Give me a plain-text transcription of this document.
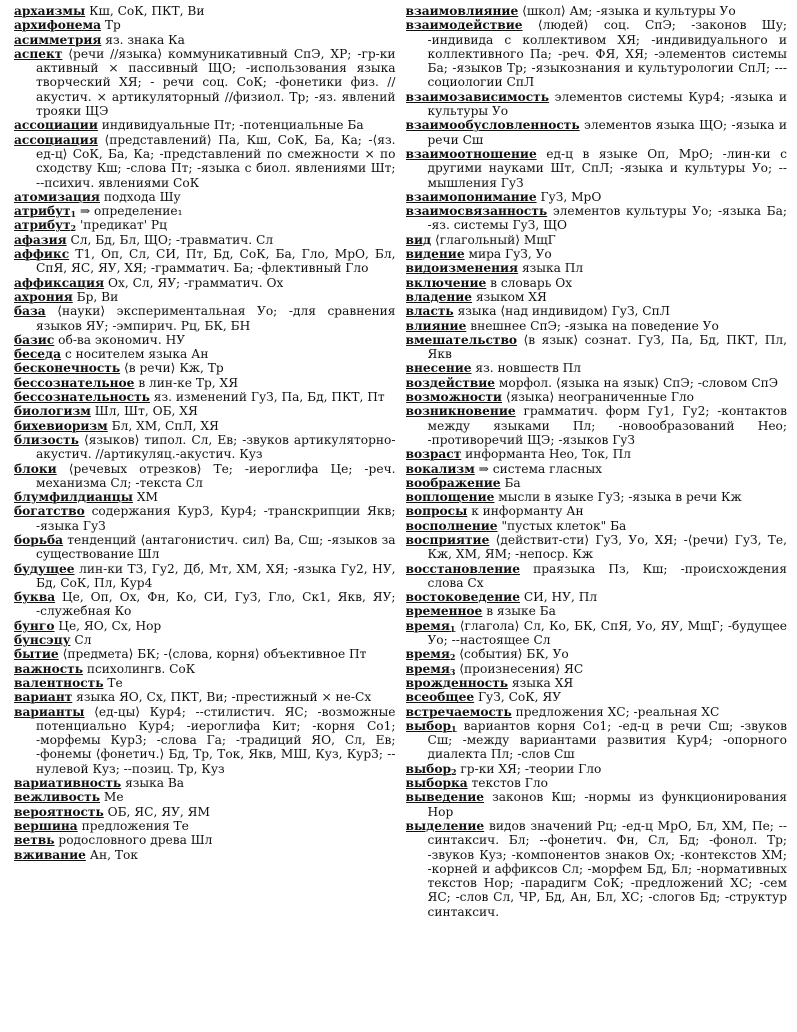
архаизмы Кш, СоК, ПКТ, Ви

архифонема Тр

асимметрия яз. знака Ка

аспект ⟨речи //языка⟩ коммуникативный СпЭ, ХР; -гр-ки активный × пассивный ЩО; -использования языка творческий ХЯ; - речи соц. СоК; -фонетики физ. //акустич. × артикуляторный //физиол. Тр; -яз. явлений трояки ЩЭ

ассоциации индивидуальные Пт; -потенциальные Ба

ассоциация ⟨представлений⟩ Па, Кш, СоК, Ба, Ка; -⟨яз. ед-ц⟩ СоК, Ба, Ка; -представлений по смежности × по сходству Кш; -слова Пт; -языка с биол. явлениями Шт; --психич. явлениями СоК

атомизация подхода Шу

атрибут$_1$ ⇒ определение₁

атрибут$_2$ 'предикат' Рц

афазия Сл, Бд, Бл, ЩО; -травматич. Сл

аффикс Т1, Оп, Сл, СИ, Пт, Бд, СоК, Ба, Гло, МрО, Бл, СпЯ, ЯС, ЯУ, ХЯ; -грамматич. Ба; -флективный Гло

аффиксация Ох, Сл, ЯУ; -грамматич. Ох

ахрония Бр, Ви

база ⟨науки⟩ экспериментальная Уо; -для сравнения языков ЯУ; -эмпирич. Рц, БК, БН

базис об-ва экономич. НУ

беседа с носителем языка Ан

бесконечность ⟨в речи⟩ Кж, Тр

бессознательное в лин-ке Тр, ХЯ

бессознательность яз. изменений ГуЗ, Па, Бд, ПКТ, Пт

биологизм Шл, Шт, ОБ, ХЯ

бихевиоризм Бл, ХМ, СпЛ, ХЯ

близость ⟨языков⟩ типол. Сл, Ев; -звуков артикуляторно-акустич. //артикуляц.-акустич. Куз

блоки ⟨речевых отрезков⟩ Те; -иероглифа Це; -реч. механизма Сл; -текста Сл

блумфилдианцы ХМ

богатство содержания Кур3, Кур4; -транскрипции Якв; -языка ГуЗ

борьба тенденций ⟨антагонистич. сил⟩ Ва, Сш; -языков за существование Шл

будущее лин-ки Т3, Гу2, Дб, Мт, ХМ, ХЯ; -языка Гу2, НУ, Бд, СоК, Пл, Кур4

буква Це, Оп, Ох, Фн, Ко, СИ, ГуЗ, Гло, Ск1, Якв, ЯУ; -служебная Ко

бунго Це, ЯО, Сх, Нор

бунсэцу Сл

бытие ⟨предмета⟩ БК; -⟨слова, корня⟩ объективное Пт

важность психолингв. СоК

валентность Те

вариант языка ЯО, Сх, ПКТ, Ви; -престижный × не-Сх

варианты ⟨ед-цы⟩ Кур4; --стилистич. ЯС; -возможные потенциально Кур4; -иероглифа Кит; -корня Со1; -морфемы Кур3; -слова Га; -традиций ЯО, Сл, Ев; -фонемы ⟨фонетич.⟩ Бд, Тр, Ток, Якв, МШ, Куз, Кур3; --нулевой Куз; --позиц. Тр, Куз

вариативность языка Ва

вежливость Ме

вероятность ОБ, ЯС, ЯУ, ЯМ

вершина предложения Те

ветвь родословного древа Шл

вживание Ан, Ток

взаимовлияние ⟨школ⟩ Ам; -языка и культуры Уо

взаимодействие ⟨людей⟩ соц. СпЭ; -законов Шу; -индивида с коллективом ХЯ; -индивидуального и коллективного Па; -реч. ФЯ, ХЯ; -элементов системы Ба; -языков Тр; -языкознания и культурологии СпЛ; ---социологии СпЛ

взаимозависимость элементов системы Кур4; -языка и культуры Уо

взаимообусловленность элементов языка ЩО; -языка и речи Сш

взаимоотношение ед-ц в языке Оп, МрО; -лин-ки с другими науками Шт, СпЛ; -языка и культуры Уо; --мышления ГуЗ

взаимопонимание ГуЗ, МрО

взаимосвязанность элементов культуры Уо; -языка Ба; -яз. системы ГуЗ, ЩО

вид ⟨глагольный⟩ МщГ

видение мира ГуЗ, Уо

видоизменения языка Пл

включение в словарь Ох

владение языком ХЯ

власть языка ⟨над индивидом⟩ ГуЗ, СпЛ

влияние внешнее СпЭ; -языка на поведение Уо

вмешательство ⟨в язык⟩ сознат. ГуЗ, Па, Бд, ПКТ, Пл, Якв

внесение яз. новшеств Пл

воздействие морфол. ⟨языка на язык⟩ СпЭ; -словом СпЭ

возможности ⟨языка⟩ неограниченные Гло

возникновение грамматич. форм Гу1, Гу2; -контактов между языками Пл; -новообразований Нео; -противоречий ЩЭ; -языков ГуЗ

возраст информанта Нео, Ток, Пл

вокализм ⇒ система гласных

воображение Ба

воплощение мысли в языке ГуЗ; -языка в речи Кж

вопросы к информанту Ан

восполнение "пустых клеток" Ба

восприятие ⟨действит-сти⟩ ГуЗ, Уо, ХЯ; -⟨речи⟩ ГуЗ, Те, Кж, ХМ, ЯМ; -непоср. Кж

восстановление праязыка Пз, Кш; -происхождения слова Сх

востоковедение СИ, НУ, Пл

временное в языке Ба

время$_1$ ⟨глагола⟩ Сл, Ко, БК, СпЯ, Уо, ЯУ, МщГ; -будущее Уо; --настоящее Сл

время$_2$ ⟨события⟩ БК, Уо

время$_3$ ⟨произнесения⟩ ЯС

врожденность языка ХЯ

всеобщее ГуЗ, СоК, ЯУ

встречаемость предложения ХС; -реальная ХС

выбор$_1$ вариантов корня Со1; -ед-ц в речи Сш; -звуков Сш; -между вариантами развития Кур4; -опорного диалекта Пл; -слов Сш

выбор$_2$ гр-ки ХЯ; -теории Гло

выборка текстов Гло

выведение законов Кш; -нормы из функционирования Нор

выделение видов значений Рц; -ед-ц МрО, Бл, ХМ, Пе; --синтаксич. Бл; --фонетич. Фн, Сл, Бд; -фонол. Тр; -звуков Куз; -компонентов знаков Ох; -контекстов ХМ; -корней и аффиксов Сл; -морфем Бд, Бл; -нормативных текстов Нор; -парадигм СоК; -предложений ХС; -сем ЯС; -слов Сл, ЧР, Бд, Ан, Бл, ХС; -слогов Бд; -структур синтаксич.
